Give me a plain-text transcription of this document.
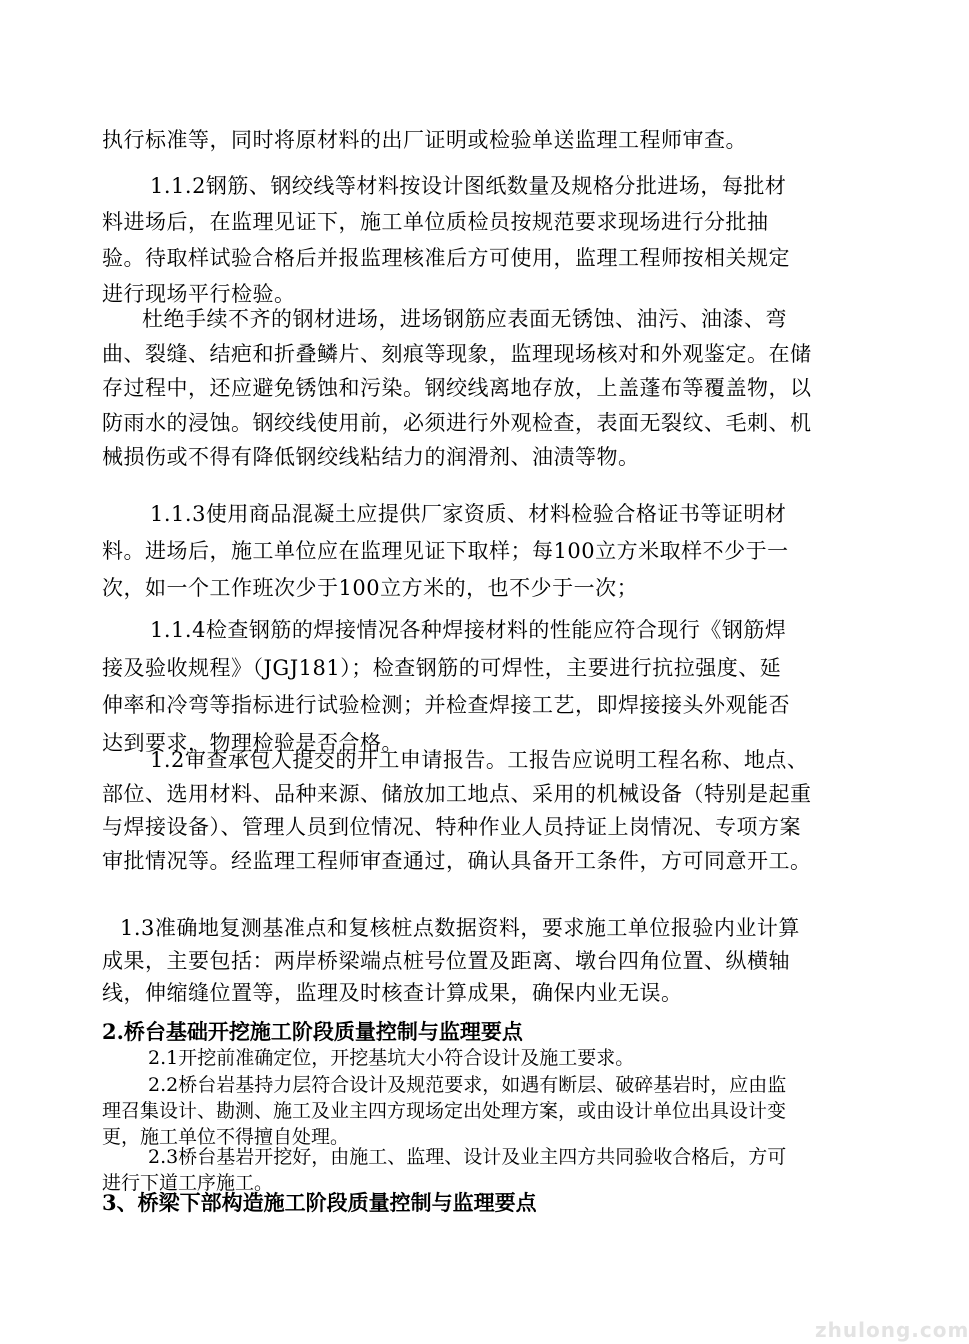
执行标准等，同时将原材料的出厂证明或检验单送监理工程师审查。

1.1.2钢筋、钢绞线等材料按设计图纸数量及规格分批进场，每批材料进场后，在监理见证下，施工单位质检员按规范要求现场进行分批抽验。待取样试验合格后并报监理核准后方可使用，监理工程师按相关规定进行现场平行检验。

杜绝手续不齐的钢材进场，进场钢筋应表面无锈蚀、油污、油漆、弯曲、裂缝、结疤和折叠鳞片、刻痕等现象，监理现场核对和外观鉴定。在储存过程中，还应避免锈蚀和污染。钢绞线离地存放，上盖蓬布等覆盖物，以防雨水的浸蚀。钢绞线使用前，必须进行外观检查，表面无裂纹、毛刺、机械损伤或不得有降低钢绞线粘结力的润滑剂、油渍等物。

1.1.3使用商品混凝土应提供厂家资质、材料检验合格证书等证明材料。进场后，施工单位应在监理见证下取样；每100立方米取样不少于一次，如一个工作班次少于100立方米的，也不少于一次；

1.1.4检查钢筋的焊接情况各种焊接材料的性能应符合现行《钢筋焊接及验收规程》（JGJ181）；检查钢筋的可焊性，主要进行抗拉强度、延伸率和冷弯等指标进行试验检测；并检查焊接工艺，即焊接接头外观能否达到要求，物理检验是否合格。

1.2审查承包人提交的开工申请报告。工报告应说明工程名称、地点、部位、选用材料、品种来源、储放加工地点、采用的机械设备（特别是起重与焊接设备）、管理人员到位情况、特种作业人员持证上岗情况、专项方案审批情况等。经监理工程师审查通过，确认具备开工条件，方可同意开工。

1.3准确地复测基准点和复核桩点数据资料，要求施工单位报验内业计算成果，主要包括：两岸桥梁端点桩号位置及距离、墩台四角位置、纵横轴线，伸缩缝位置等，监理及时核查计算成果，确保内业无误。

2.桥台基础开挖施工阶段质量控制与监理要点

2.1开挖前准确定位，开挖基坑大小符合设计及施工要求。

2.2桥台岩基持力层符合设计及规范要求，如遇有断层、破碎基岩时，应由监理召集设计、勘测、施工及业主四方现场定出处理方案，或由设计单位出具设计变更，施工单位不得擅自处理。

2.3桥台基岩开挖好，由施工、监理、设计及业主四方共同验收合格后，方可进行下道工序施工。

3、桥梁下部构造施工阶段质量控制与监理要点
zhulong.com
